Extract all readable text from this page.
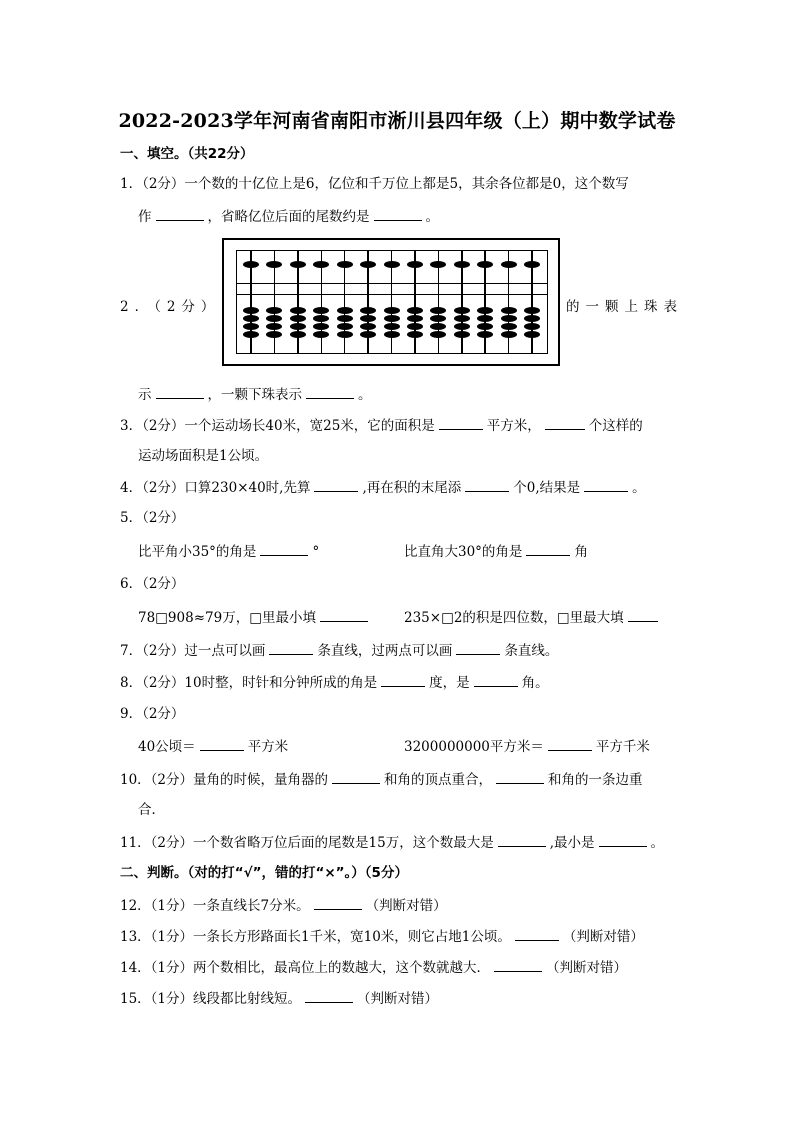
2022-2023学年河南省南阳市淅川县四年级（上）期中数学试卷
一、填空。（共22分）
1．（2分）一个数的十亿位上是6，亿位和千万位上都是5，其余各位都是0，这个数写
作	，省略亿位后面的尾数约是	。
2．（2分）	的一颗上珠表
示	，一颗下珠表示	。
3．（2分）一个运动场长40米，宽25米，它的面积是	平方米，	个这样的
运动场面积是1公顷。
4．（2分）口算230×40时,先算	,再在积的末尾添	个0,结果是	。
5．（2分）
比平角小35°的角是	°	比直角大30°的角是	角
6．（2分）
78□908≈79万，□里最小填	235×□2的积是四位数，□里最大填
7．（2分）过一点可以画	条直线，过两点可以画	条直线。
8．（2分）10时整，时针和分钟所成的角是	度，是	角。
9．（2分）
40公顷＝	平方米	3200000000平方米＝	平方千米
10．（2分）量角的时候，量角器的	和角的顶点重合，	和角的一条边重
合．
11．（2分）一个数省略万位后面的尾数是15万，这个数最大是	,最小是	。
二、判断。（对的打“√”，错的打“×”。）（5分）
12．（1分）一条直线长7分米。	（判断对错）
13．（1分）一条长方形路面长1千米，宽10米，则它占地1公顷。	（判断对错）
14．（1分）两个数相比，最高位上的数越大，这个数就越大．	（判断对错）
15．（1分）线段都比射线短。	（判断对错）
